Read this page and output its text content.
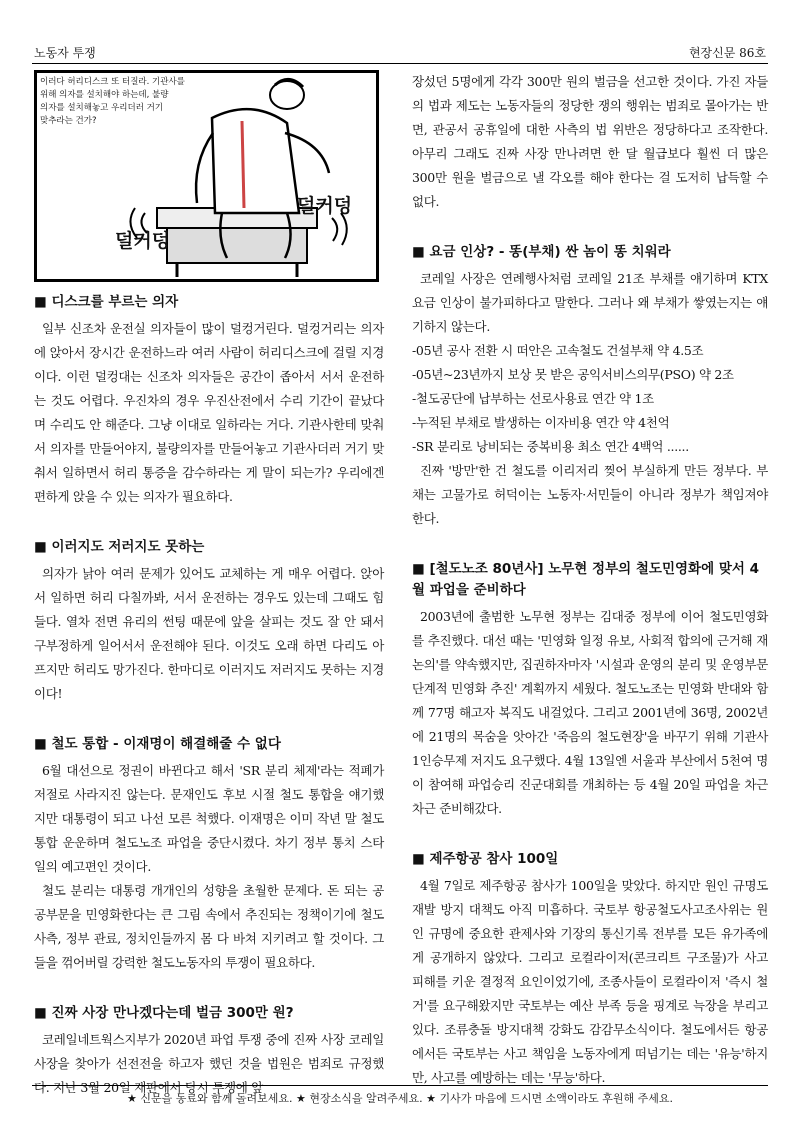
노동자 투쟁	현장신문 86호
이러다 허리디스크 또 터질라. 기관사를
위해 의자를 설치해야 하는데, 불량
의자를 설치해놓고 우리더러 거기
맞추라는 건가?
덜커덩
덜커덩
■ 디스크를 부르는 의자

일부 신조차 운전실 의자들이 많이 덜컹거린다. 덜컹거리는 의자에 앉아서 장시간 운전하느라 여러 사람이 허리디스크에 걸릴 지경이다. 이런 덜컹대는 신조차 의자들은 공간이 좁아서 서서 운전하는 것도 어렵다. 우진차의 경우 우진산전에서 수리 기간이 끝났다며 수리도 안 해준다. 그냥 이대로 일하라는 거다. 기관사한테 맞춰서 의자를 만들어야지, 불량의자를 만들어놓고 기관사더러 거기 맞춰서 일하면서 허리 통증을 감수하라는 게 말이 되는가? 우리에겐 편하게 앉을 수 있는 의자가 필요하다.

■ 이러지도 저러지도 못하는

의자가 낡아 여러 문제가 있어도 교체하는 게 매우 어렵다. 앉아서 일하면 허리 다칠까봐, 서서 운전하는 경우도 있는데 그때도 힘들다. 열차 전면 유리의 썬팅 때문에 앞을 살피는 것도 잘 안 돼서 구부정하게 일어서서 운전해야 된다. 이것도 오래 하면 다리도 아프지만 허리도 망가진다. 한마디로 이러지도 저러지도 못하는 지경이다!

■ 철도 통합 - 이재명이 해결해줄 수 없다

6월 대선으로 정권이 바뀐다고 해서 'SR 분리 체제'라는 적폐가 저절로 사라지진 않는다. 문재인도 후보 시절 철도 통합을 얘기했지만 대통령이 되고 나선 모른 척했다. 이재명은 이미 작년 말 철도 통합 운운하며 철도노조 파업을 중단시켰다. 차기 정부 통치 스타일의 예고편인 것이다.

철도 분리는 대통령 개개인의 성향을 초월한 문제다. 돈 되는 공공부문을 민영화한다는 큰 그림 속에서 추진되는 정책이기에 철도 사측, 정부 관료, 정치인들까지 몸 다 바쳐 지키려고 할 것이다. 그들을 꺾어버릴 강력한 철도노동자의 투쟁이 필요하다.

■ 진짜 사장 만나겠다는데 벌금 300만 원?

코레일네트웍스지부가 2020년 파업 투쟁 중에 진짜 사장 코레일 사장을 찾아가 선전전을 하고자 했던 것을 법원은 범죄로 규정했다. 지난 3월 20일 재판에서 당시 투쟁에 앞

장섰던 5명에게 각각 300만 원의 벌금을 선고한 것이다. 가진 자들의 법과 제도는 노동자들의 정당한 쟁의 행위는 범죄로 몰아가는 반면, 관공서 공휴일에 대한 사측의 법 위반은 정당하다고 조작한다. 아무리 그래도 진짜 사장 만나려면 한 달 월급보다 훨씬 더 많은 300만 원을 벌금으로 낼 각오를 해야 한다는 걸 도저히 납득할 수 없다.

■ 요금 인상? - 똥(부채) 싼 놈이 똥 치워라

코레일 사장은 연례행사처럼 코레일 21조 부채를 얘기하며 KTX 요금 인상이 불가피하다고 말한다. 그러나 왜 부채가 쌓였는지는 얘기하지 않는다.

-05년 공사 전환 시 떠안은 고속철도 건설부채 약 4.5조

-05년~23년까지 보상 못 받은 공익서비스의무(PSO) 약 2조

-철도공단에 납부하는 선로사용료 연간 약 1조

-누적된 부채로 발생하는 이자비용 연간 약 4천억

-SR 분리로 낭비되는 중복비용 최소 연간 4백억 ......

진짜 '방만'한 건 철도를 이리저리 찢어 부실하게 만든 정부다. 부채는 고물가로 허덕이는 노동자·서민들이 아니라 정부가 책임져야 한다.

■ [철도노조 80년사] 노무현 정부의 철도민영화에 맞서 4월 파업을 준비하다

2003년에 출범한 노무현 정부는 김대중 정부에 이어 철도민영화를 추진했다. 대선 때는 '민영화 일정 유보, 사회적 합의에 근거해 재논의'를 약속했지만, 집권하자마자 '시설과 운영의 분리 및 운영부문 단계적 민영화 추진' 계획까지 세웠다. 철도노조는 민영화 반대와 함께 77명 해고자 복직도 내걸었다. 그리고 2001년에 36명, 2002년에 21명의 목숨을 앗아간 '죽음의 철도현장'을 바꾸기 위해 기관사 1인승무제 저지도 요구했다. 4월 13일엔 서울과 부산에서 5천여 명이 참여해 파업승리 진군대회를 개최하는 등 4월 20일 파업을 차근차근 준비해갔다.

■ 제주항공 참사 100일

4월 7일로 제주항공 참사가 100일을 맞았다. 하지만 원인 규명도 재발 방지 대책도 아직 미흡하다. 국토부 항공철도사고조사위는 원인 규명에 중요한 관제사와 기장의 통신기록 전부를 모든 유가족에게 공개하지 않았다. 그리고 로컬라이저(콘크리트 구조물)가 사고 피해를 키운 결정적 요인이었기에, 조종사들이 로컬라이저 '즉시 철거'를 요구해왔지만 국토부는 예산 부족 등을 핑계로 늑장을 부리고 있다. 조류충돌 방지대책 강화도 감감무소식이다. 철도에서든 항공에서든 국토부는 사고 책임을 노동자에게 떠넘기는 데는 '유능'하지만, 사고를 예방하는 데는 '무능'하다.

★ 신문을 동료와 함께 돌려보세요. ★ 현장소식을 알려주세요. ★ 기사가 마음에 드시면 소액이라도 후원해 주세요.
